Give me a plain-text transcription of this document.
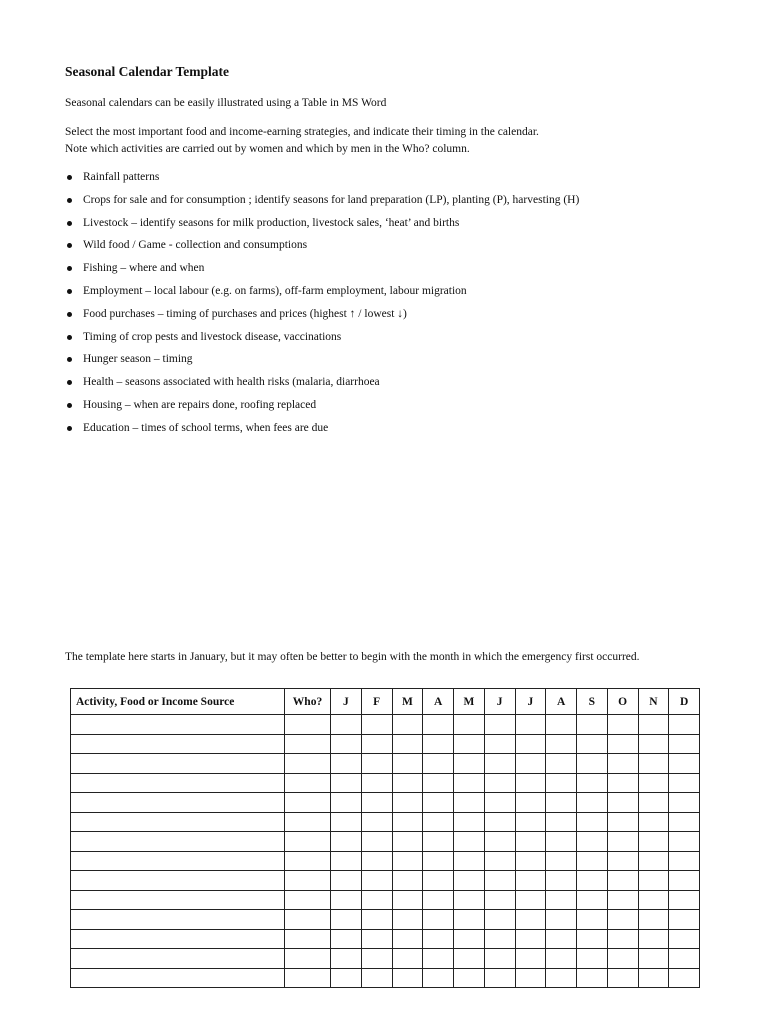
Seasonal Calendar Template

Seasonal calendars can be easily illustrated using a Table in MS Word

Select the most important food and income-earning strategies, and indicate their timing in the calendar.
Note which activities are carried out by women and which by men in the Who? column.

Rainfall patterns
Crops for sale and for consumption ; identify seasons for land preparation (LP), planting (P), harvesting (H)
Livestock – identify seasons for milk production, livestock sales, ‘heat’ and births
Wild food / Game - collection and consumptions
Fishing – where and when
Employment – local labour (e.g. on farms), off-farm employment, labour migration
Food purchases – timing of purchases and prices (highest ↑ / lowest ↓)
Timing of crop pests and livestock disease, vaccinations
Hunger season – timing
Health – seasons associated with health risks (malaria, diarrhoea
Housing – when are repairs done, roofing replaced
Education – times of school terms, when fees are due

The template here starts in January, but it may often be better to begin with the month in which the emergency first occurred.

Activity, Food or Income Source	Who?	J	F	M	A	M	J	J	A	S	O	N	D
